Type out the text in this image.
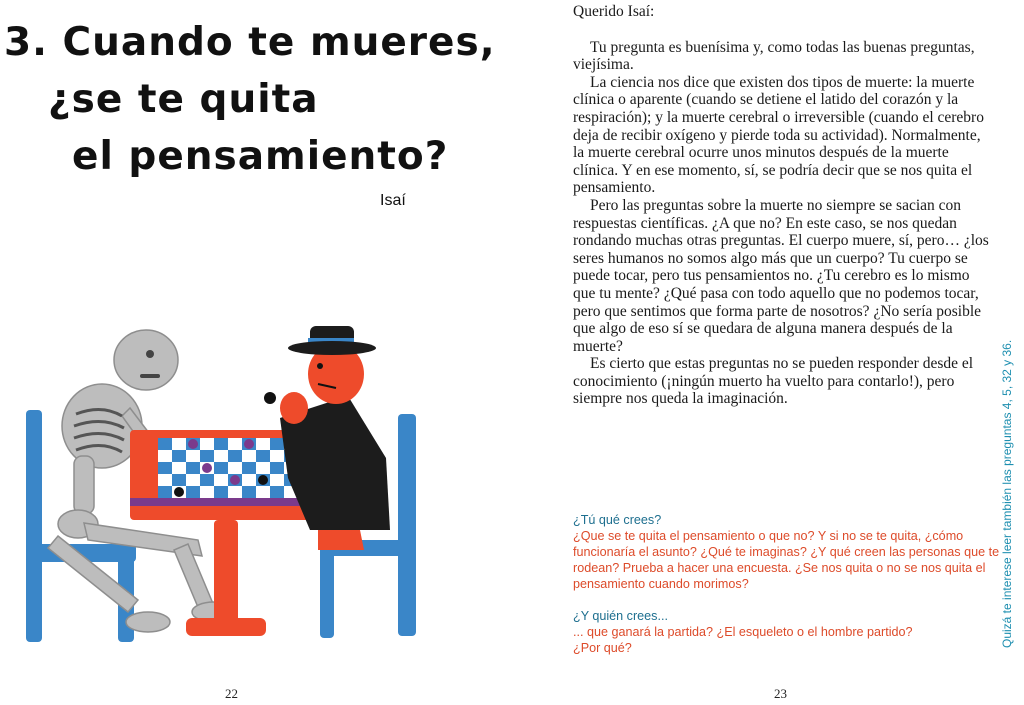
3. Cuando te mueres,
¿se te quita
el pensamiento?
Isaí
22

Querido Isaí:

Tu pregunta es buenísima y, como todas las buenas preguntas, viejísima.

La ciencia nos dice que existen dos tipos de muerte: la muerte clínica o aparente (cuando se detiene el latido del corazón y la respiración); y la muerte cerebral o irreversible (cuando el cerebro deja de recibir oxígeno y pierde toda su actividad). Normalmente, la muerte cerebral ocurre unos minutos después de la muerte clínica. Y en ese momento, sí, se podría decir que se nos quita el pensamiento.

Pero las preguntas sobre la muerte no siempre se sacian con respuestas científicas. ¿A que no? En este caso, se nos quedan rondando muchas otras preguntas. El cuerpo muere, sí, pero… ¿los seres humanos no somos algo más que un cuerpo? Tu cuerpo se puede tocar, pero tus pensamientos no. ¿Tu cerebro es lo mismo que tu mente? ¿Qué pasa con todo aquello que no podemos tocar, pero que sentimos que forma parte de nosotros? ¿No sería posible que algo de eso sí se quedara de alguna manera después de la muerte?

Es cierto que estas preguntas no se pueden responder desde el conocimiento (¡ningún muerto ha vuelto para contarlo!), pero siempre nos queda la imaginación.

¿Tú qué crees?

¿Que se te quita el pensamiento o que no? Y si no se te quita, ¿cómo funcionaría el asunto? ¿Qué te imaginas? ¿Y qué creen las personas que te rodean? Prueba a hacer una encuesta. ¿Se nos quita o no se nos quita el pensamiento cuando morimos?

¿Y quién crees...

... que ganará la partida? ¿El esqueleto o el hombre partido?

¿Por qué?	Quizá te interese leer también las preguntas 4, 5, 32 y 36.
23
